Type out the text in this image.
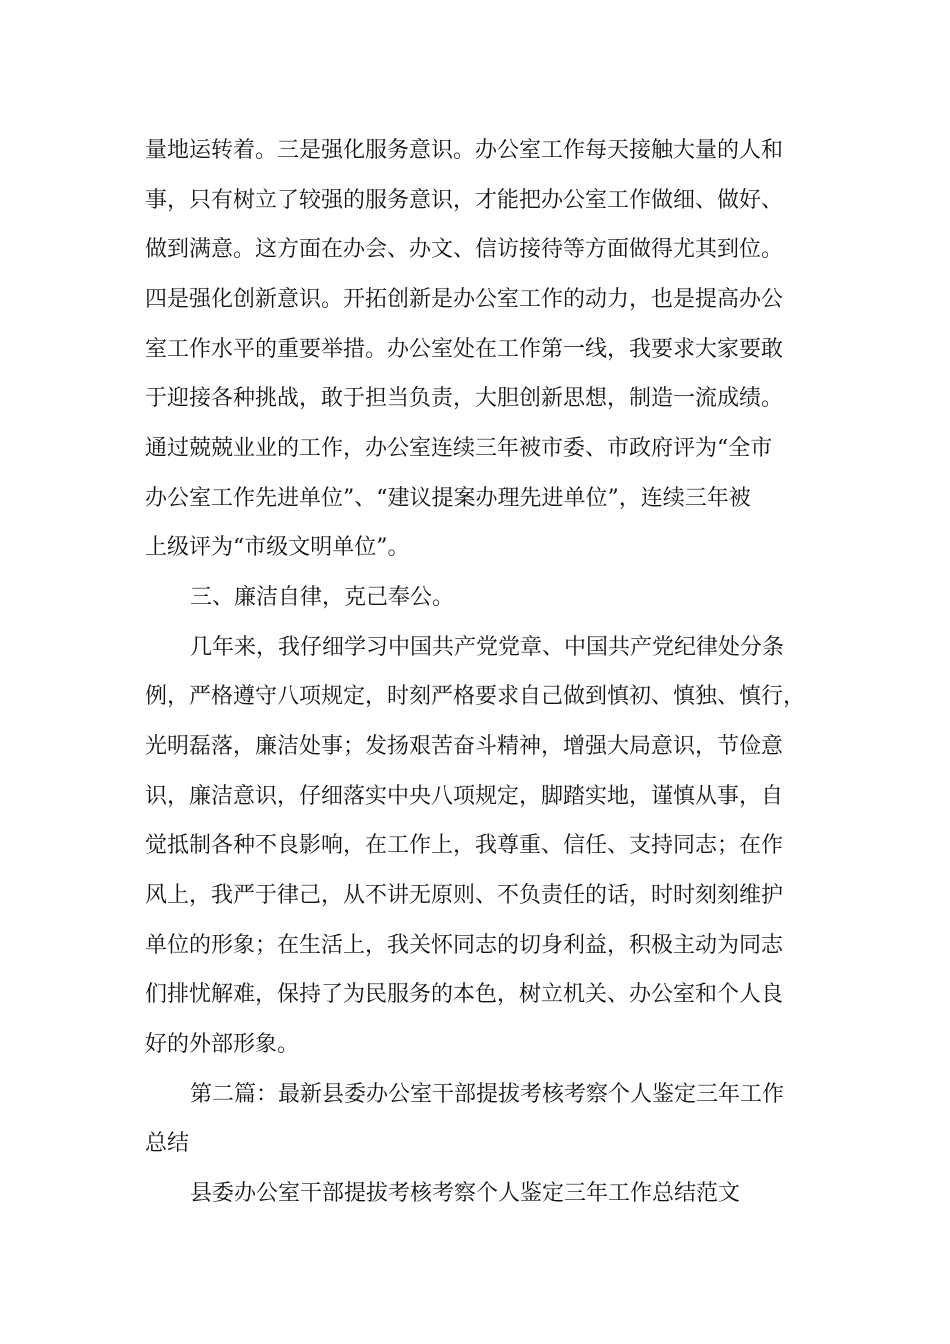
量地运转着。三是强化服务意识。办公室工作每天接触大量的人和
事，只有树立了较强的服务意识，才能把办公室工作做细、做好、
做到满意。这方面在办会、办文、信访接待等方面做得尤其到位。
四是强化创新意识。开拓创新是办公室工作的动力，也是提高办公
室工作水平的重要举措。办公室处在工作第一线，我要求大家要敢
于迎接各种挑战，敢于担当负责，大胆创新思想，制造一流成绩。
通过兢兢业业的工作，办公室连续三年被市委、市政府评为“全市
办公室工作先进单位”、“建议提案办理先进单位”，连续三年被
上级评为“市级文明单位”。
三、廉洁自律，克己奉公。
几年来，我仔细学习中国共产党党章、中国共产党纪律处分条
例，严格遵守八项规定，时刻严格要求自己做到慎初、慎独、慎行，
光明磊落，廉洁处事；发扬艰苦奋斗精神，增强大局意识，节俭意
识，廉洁意识，仔细落实中央八项规定，脚踏实地，谨慎从事，自
觉抵制各种不良影响，在工作上，我尊重、信任、支持同志；在作
风上，我严于律己，从不讲无原则、不负责任的话，时时刻刻维护
单位的形象；在生活上，我关怀同志的切身利益，积极主动为同志
们排忧解难，保持了为民服务的本色，树立机关、办公室和个人良
好的外部形象。
第二篇：最新县委办公室干部提拔考核考察个人鉴定三年工作
总结
县委办公室干部提拔考核考察个人鉴定三年工作总结范文
